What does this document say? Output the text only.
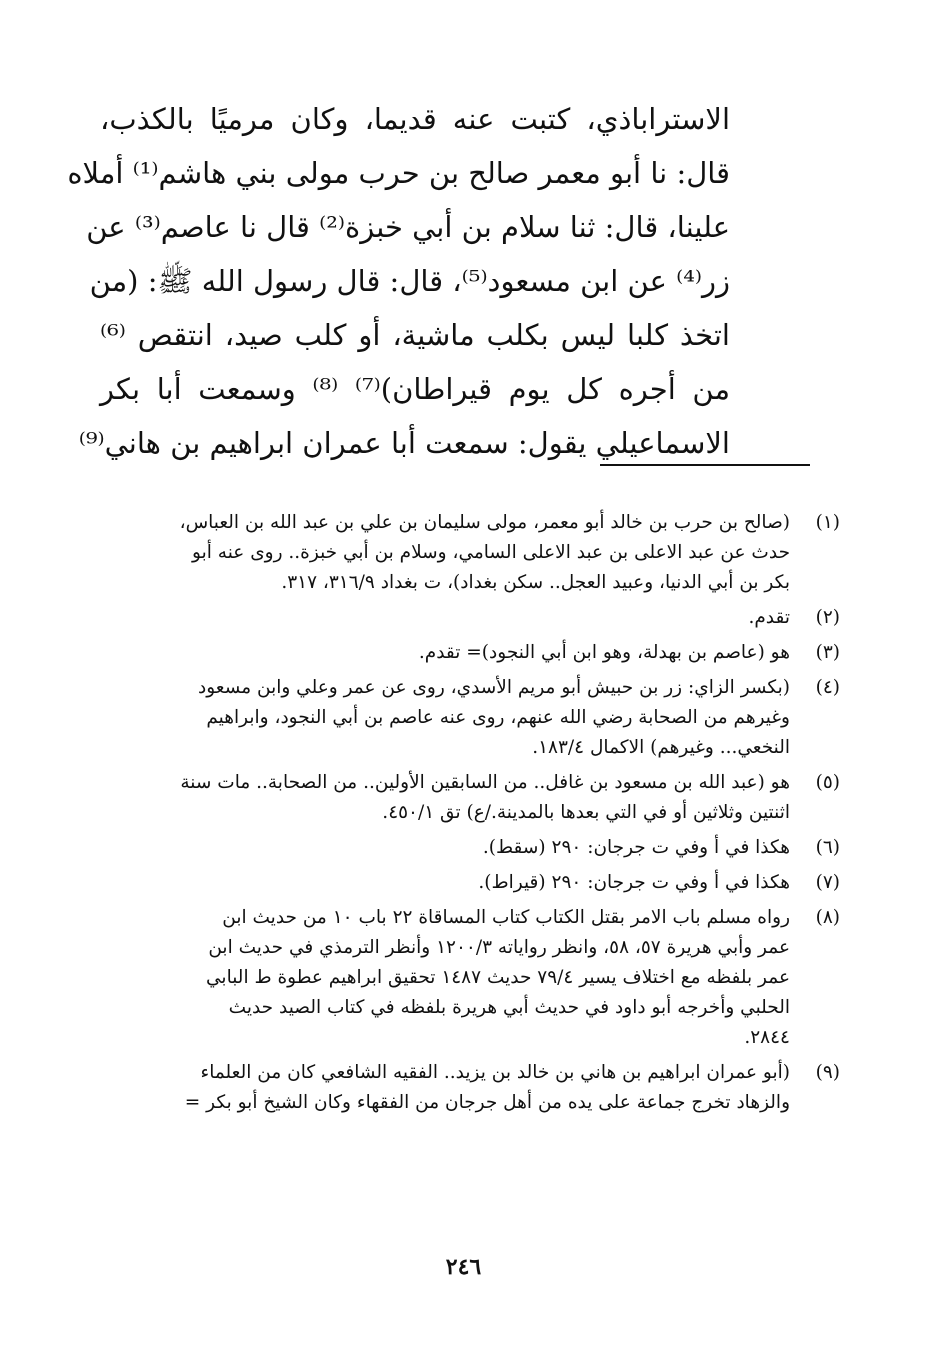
الاستراباذي، كتبت عنه قديما، وكان مرميًا بالكذب،
قال: نا أبو معمر صالح بن حرب مولى بني هاشم⁽¹⁾ أملاه
علينا، قال: ثنا سلام بن أبي خبزة⁽²⁾ قال نا عاصم⁽³⁾ عن
زر⁽⁴⁾ عن ابن مسعود⁽⁵⁾، قال: قال رسول الله ﷺ: (من
اتخذ كلبا ليس بكلب ماشية، أو كلب صيد، انتقص ⁽⁶⁾
من أجره كل يوم قيراطان)⁽⁷⁾ ⁽⁸⁾ وسمعت أبا بكر
الاسماعيلي يقول: سمعت أبا عمران ابراهيم بن هاني⁽⁹⁾
(١)
(صالح بن حرب بن خالد أبو معمر، مولى سليمان بن علي بن عبد الله بن العباس،
حدث عن عبد الاعلى بن عبد الاعلى السامي، وسلام بن أبي خبزة.. روى عنه أبو
بكر بن أبي الدنيا، وعبيد العجل.. سكن بغداد)، ت بغداد ٣١٦/٩، ٣١٧.
(٢)
تقدم.
(٣)
هو (عاصم بن بهدلة، وهو ابن أبي النجود)= تقدم.
(٤)
(بكسر الزاي: زر بن حبيش أبو مريم الأسدي، روى عن عمر وعلي وابن مسعود
وغيرهم من الصحابة رضي الله عنهم، روى عنه عاصم بن أبي النجود، وابراهيم
النخعي... وغيرهم) الاكمال ١٨٣/٤.
(٥)
هو (عبد الله بن مسعود بن غافل.. من السابقين الأولين.. من الصحابة.. مات سنة
اثنتين وثلاثين أو في التي بعدها بالمدينة./ع) تق ٤٥٠/١.
(٦)
هكذا في أ وفي ت جرجان: ٢٩٠ (سقط).
(٧)
هكذا في أ وفي ت جرجان: ٢٩٠ (قيراط).
(٨)
رواه مسلم باب الامر بقتل الكتاب كتاب المساقاة ٢٢ باب ١٠ من حديث ابن
عمر وأبي هريرة ٥٧، ٥٨، وانظر رواياته ١٢٠٠/٣ وأنظر الترمذي في حديث ابن
عمر بلفظه مع اختلاف يسير ٧٩/٤ حديث ١٤٨٧ تحقيق ابراهيم عطوة ط البابي
الحلبي وأخرجه أبو داود في حديث أبي هريرة بلفظه في كتاب الصيد حديث
٢٨٤٤.
(٩)
(أبو عمران ابراهيم بن هاني بن خالد بن يزيد.. الفقيه الشافعي كان من العلماء
والزهاد تخرج جماعة على يده من أهل جرجان من الفقهاء وكان الشيخ أبو بكر =
٢٤٦
